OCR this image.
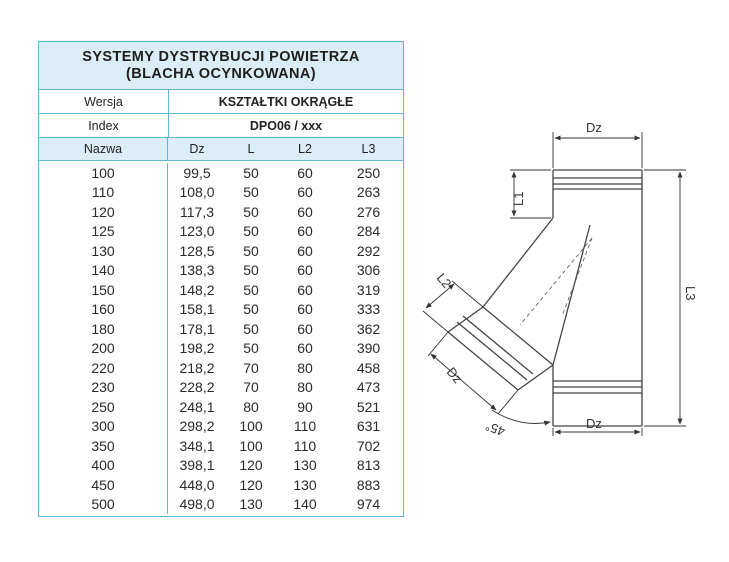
SYSTEMY DYSTRYBUCJI POWIETRZA
(BLACHA OCYNKOWANA)
Wersja	KSZTAŁTKI OKRĄGŁE
Index	DPO06 / xxx
Nazwa	Dz	L	L2	L3
100	99,5	50	60	250
110	108,0	50	60	263
120	117,3	50	60	276
125	123,0	50	60	284
130	128,5	50	60	292
140	138,3	50	60	306
150	148,2	50	60	319
160	158,1	50	60	333
180	178,1	50	60	362
200	198,2	50	60	390
220	218,2	70	80	458
230	228,2	70	80	473
250	248,1	80	90	521
300	298,2	100	110	631
350	348,1	100	110	702
400	398,1	120	130	813
450	448,0	120	130	883
500	498,0	130	140	974
Dz
Dz
L1
L3
L2
Dz
45°
